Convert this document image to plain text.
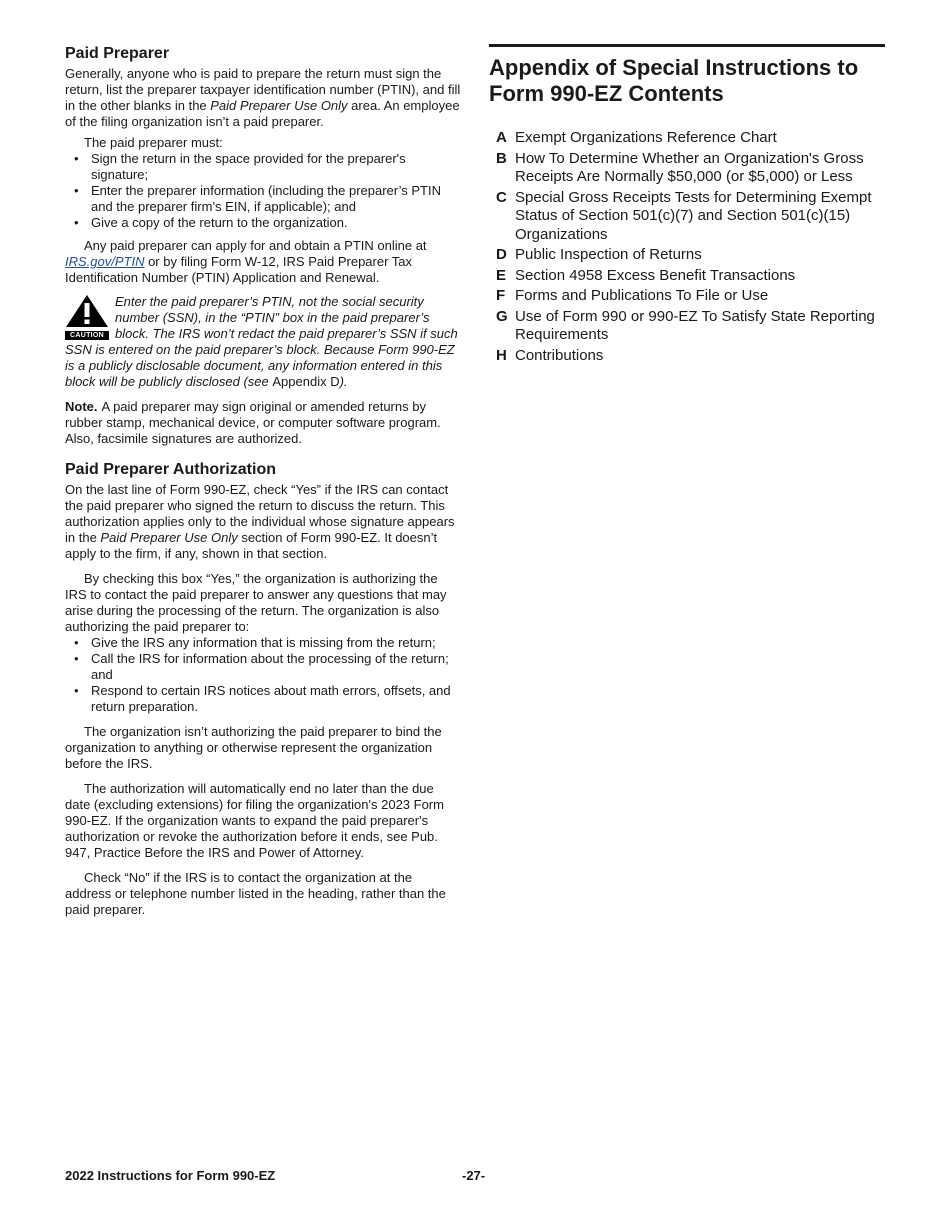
Paid Preparer

Generally, anyone who is paid to prepare the return must sign the return, list the preparer taxpayer identification number (PTIN), and fill in the other blanks in the Paid Preparer Use Only area. An employee of the filing organization isn’t a paid preparer.

The paid preparer must:

• Sign the return in the space provided for the preparer's signature;
• Enter the preparer information (including the preparer’s PTIN and the preparer firm’s EIN, if applicable); and
• Give a copy of the return to the organization.

Any paid preparer can apply for and obtain a PTIN online at IRS.gov/PTIN or by filing Form W-12, IRS Paid Preparer Tax Identification Number (PTIN) Application and Renewal.

CAUTION
Enter the paid preparer’s PTIN, not the social security number (SSN), in the “PTIN” box in the paid preparer’s block. The IRS won’t redact the paid preparer’s SSN if such SSN is entered on the paid preparer’s block. Because Form 990-EZ is a publicly disclosable document, any information entered in this block will be publicly disclosed (see Appendix D).

Note. A paid preparer may sign original or amended returns by rubber stamp, mechanical device, or computer software program. Also, facsimile signatures are authorized.

Paid Preparer Authorization

On the last line of Form 990-EZ, check “Yes” if the IRS can contact the paid preparer who signed the return to discuss the return. This authorization applies only to the individual whose signature appears in the Paid Preparer Use Only section of Form 990-EZ. It doesn’t apply to the firm, if any, shown in that section.

By checking this box “Yes,” the organization is authorizing the IRS to contact the paid preparer to answer any questions that may arise during the processing of the return. The organization is also authorizing the paid preparer to:

• Give the IRS any information that is missing from the return;
• Call the IRS for information about the processing of the return; and
• Respond to certain IRS notices about math errors, offsets, and return preparation.

The organization isn’t authorizing the paid preparer to bind the organization to anything or otherwise represent the organization before the IRS.

The authorization will automatically end no later than the due date (excluding extensions) for filing the organization's 2023 Form 990-EZ. If the organization wants to expand the paid preparer's authorization or revoke the authorization before it ends, see Pub. 947, Practice Before the IRS and Power of Attorney.

Check “No” if the IRS is to contact the organization at the address or telephone number listed in the heading, rather than the paid preparer.

Appendix of Special Instructions to Form 990-EZ Contents
A Exempt Organizations Reference Chart
B How To Determine Whether an Organization's Gross Receipts Are Normally $50,000 (or $5,000) or Less
C Special Gross Receipts Tests for Determining Exempt Status of Section 501(c)(7) and Section 501(c)(15) Organizations
D Public Inspection of Returns
E Section 4958 Excess Benefit Transactions
F Forms and Publications To File or Use
G Use of Form 990 or 990-EZ To Satisfy State Reporting Requirements
H Contributions
2022 Instructions for Form 990-EZ	-27-
